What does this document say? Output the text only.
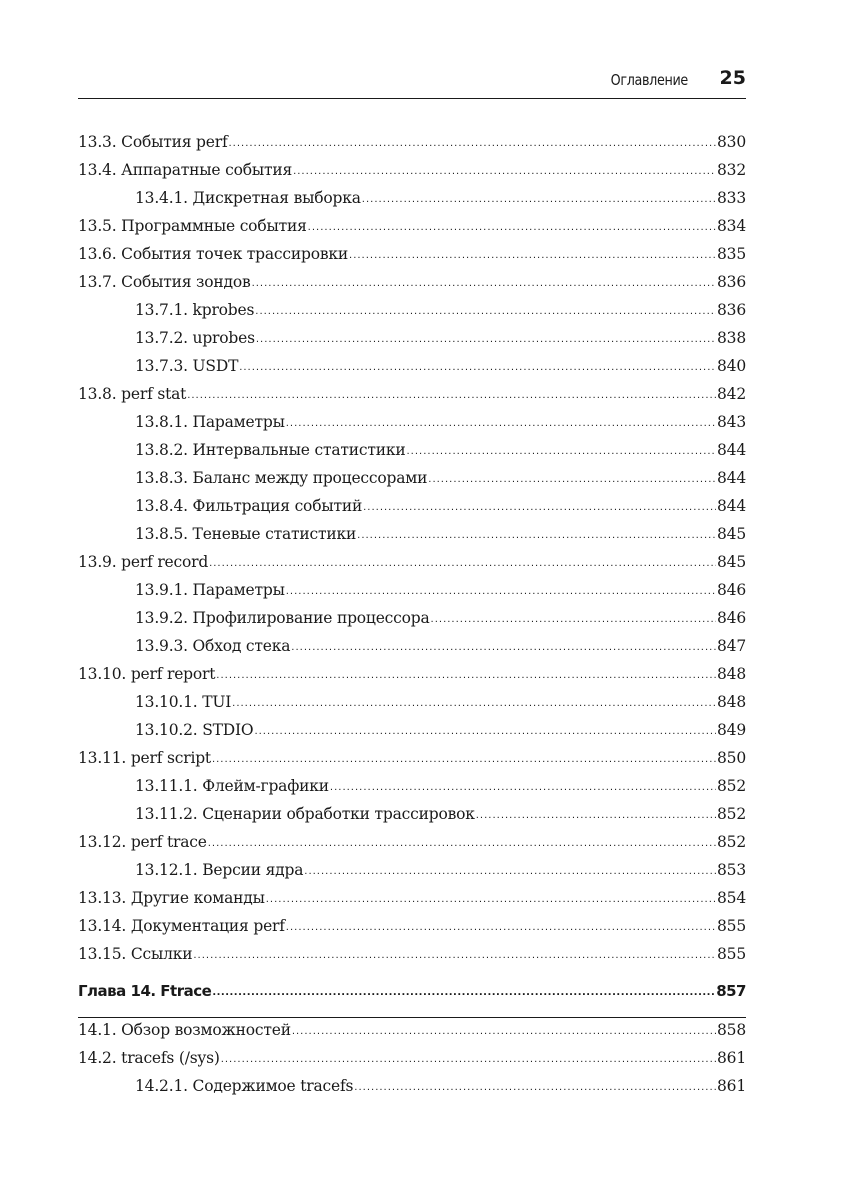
Оглавление 25
13.3. События perf .....	830
13.4. Аппаратные события .....	832
13.4.1. Дискретная выборка .....	833
13.5. Программные события .....	834
13.6. События точек трассировки .....	835
13.7. События зондов .....	836
13.7.1. kprobes .....	836
13.7.2. uprobes .....	838
13.7.3. USDT .....	840
13.8. perf stat .....	842
13.8.1. Параметры .....	843
13.8.2. Интервальные статистики .....	844
13.8.3. Баланс между процессорами .....	844
13.8.4. Фильтрация событий .....	844
13.8.5. Теневые статистики .....	845
13.9. perf record .....	845
13.9.1. Параметры .....	846
13.9.2. Профилирование процессора .....	846
13.9.3. Обход стека .....	847
13.10. perf report .....	848
13.10.1. TUI .....	848
13.10.2. STDIO .....	849
13.11. perf script .....	850
13.11.1. Флейм-графики .....	852
13.11.2. Сценарии обработки трассировок .....	852
13.12. perf trace .....	852
13.12.1. Версии ядра .....	853
13.13. Другие команды .....	854
13.14. Документация perf .....	855
13.15. Ссылки .....	855
Глава 14. Ftrace .....	857
14.1. Обзор возможностей .....	858
14.2. tracefs (/sys) .....	861
14.2.1. Содержимое tracefs .....	861
